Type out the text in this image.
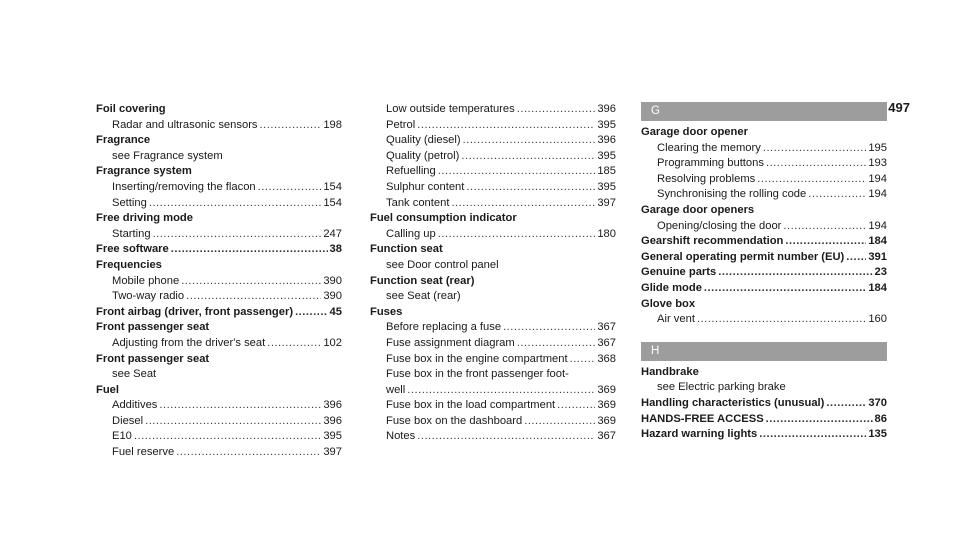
497
Foil covering
Radar and ultrasonic sensors .....	198
Fragrance
see Fragrance system
Fragrance system
Inserting/removing the flacon .....	154
Setting .....	154
Free driving mode
Starting .....	247
Free software .....	38
Frequencies
Mobile phone .....	390
Two-way radio .....	390
Front airbag (driver, front passenger) .....	45
Front passenger seat
Adjusting from the driver's seat .....	102
Front passenger seat
see Seat
Fuel
Additives .....	396
Diesel .....	396
E10 .....	395
Fuel reserve .....	397
Low outside temperatures .....	396
Petrol .....	395
Quality (diesel) .....	396
Quality (petrol) .....	395
Refuelling .....	185
Sulphur content .....	395
Tank content .....	397
Fuel consumption indicator
Calling up .....	180
Function seat
see Door control panel
Function seat (rear)
see Seat (rear)
Fuses
Before replacing a fuse .....	367
Fuse assignment diagram .....	367
Fuse box in the engine compartment .....	368
Fuse box in the front passenger foot-
well .....	369
Fuse box in the load compartment .....	369
Fuse box on the dashboard .....	369
Notes .....	367
G
Garage door opener
Clearing the memory .....	195
Programming buttons .....	193
Resolving problems .....	194
Synchronising the rolling code .....	194
Garage door openers
Opening/closing the door .....	194
Gearshift recommendation .....	184
General operating permit number (EU) ..... 391
Genuine parts .....	23
Glide mode .....	184
Glove box
Air vent .....	160
H
Handbrake
see Electric parking brake
Handling characteristics (unusual) .....	370
HANDS-FREE ACCESS .....	86
Hazard warning lights .....	135
